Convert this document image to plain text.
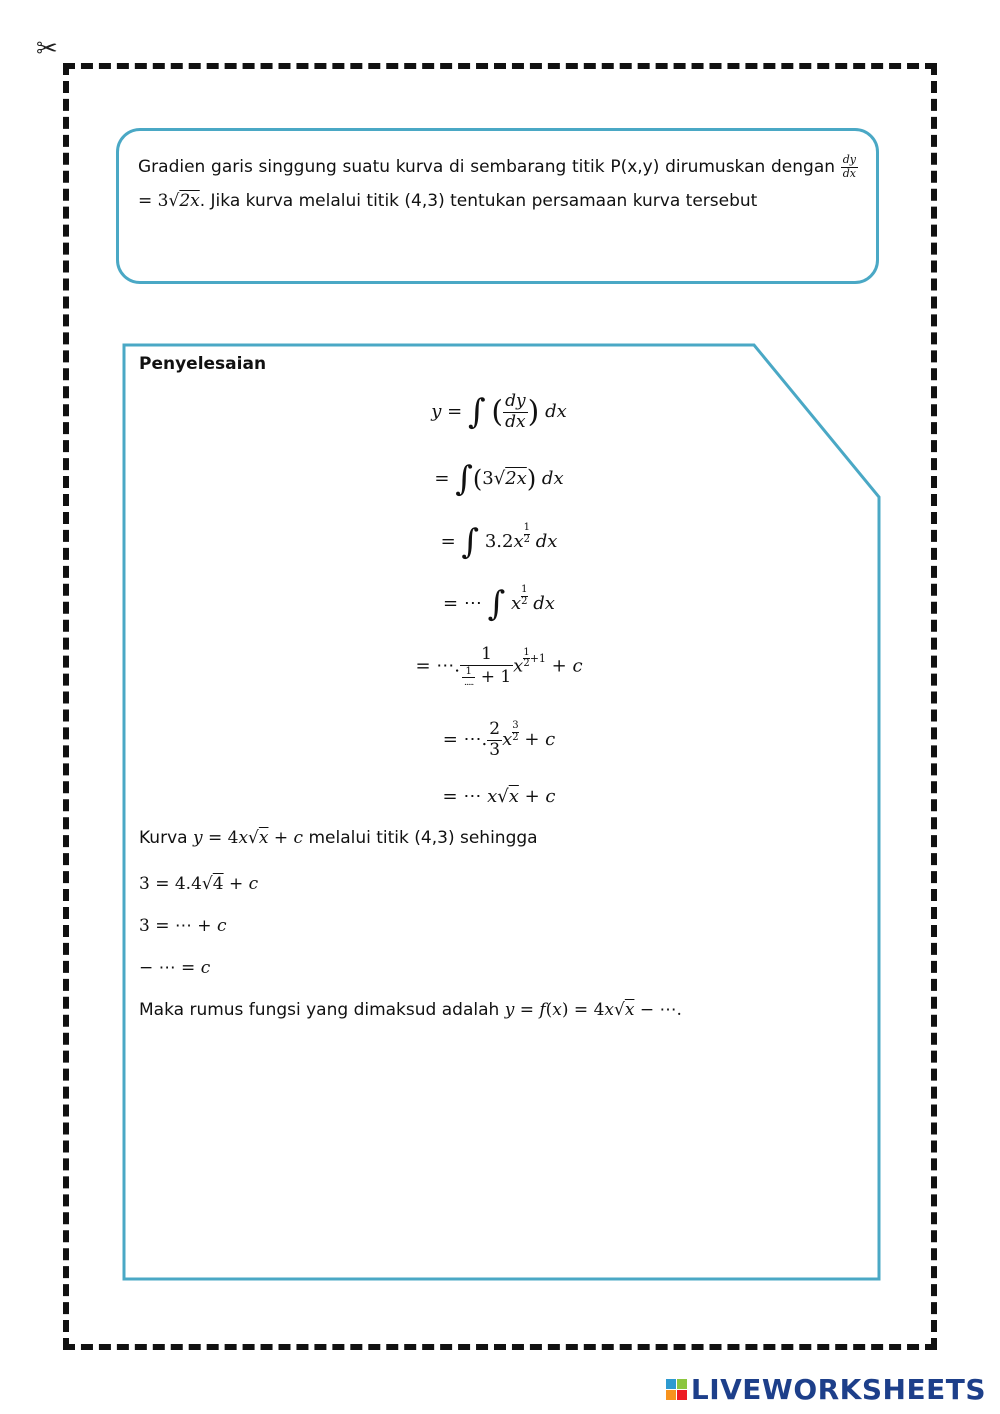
✂
Gradien garis singgung suatu kurva di sembarang titik P(x,y) dirumuskan dengan $\frac{dy}{dx}$
= 3√2x. Jika kurva melalui titik (4,3) tentukan persamaan kurva tersebut

Penyelesaian

y = ∫ ( $\frac{dy}{dx}$ ) dx
= ∫(3√2x) dx
= ∫ $3.2x \frac{1}{2}$ dx
= ⋯ ∫ x $\frac{1}{2}$ dx
= ⋯. $\frac{1}{\frac{1}{.....} + 1}$ x $\frac{1}{2} +1 + c$
= ⋯. $\frac{2}{3}$ x $\frac{3}{2} + c$
= ⋯ x√x + c
Kurva y = 4x√x + c melalui titik (4,3) sehingga
3 = 4.4√4 + c
3 = ⋯ + c
− ⋯ = c
Maka rumus fungsi yang dimaksud adalah y = f(x) = 4x√x − ⋯.
LIVEWORKSHEETS
